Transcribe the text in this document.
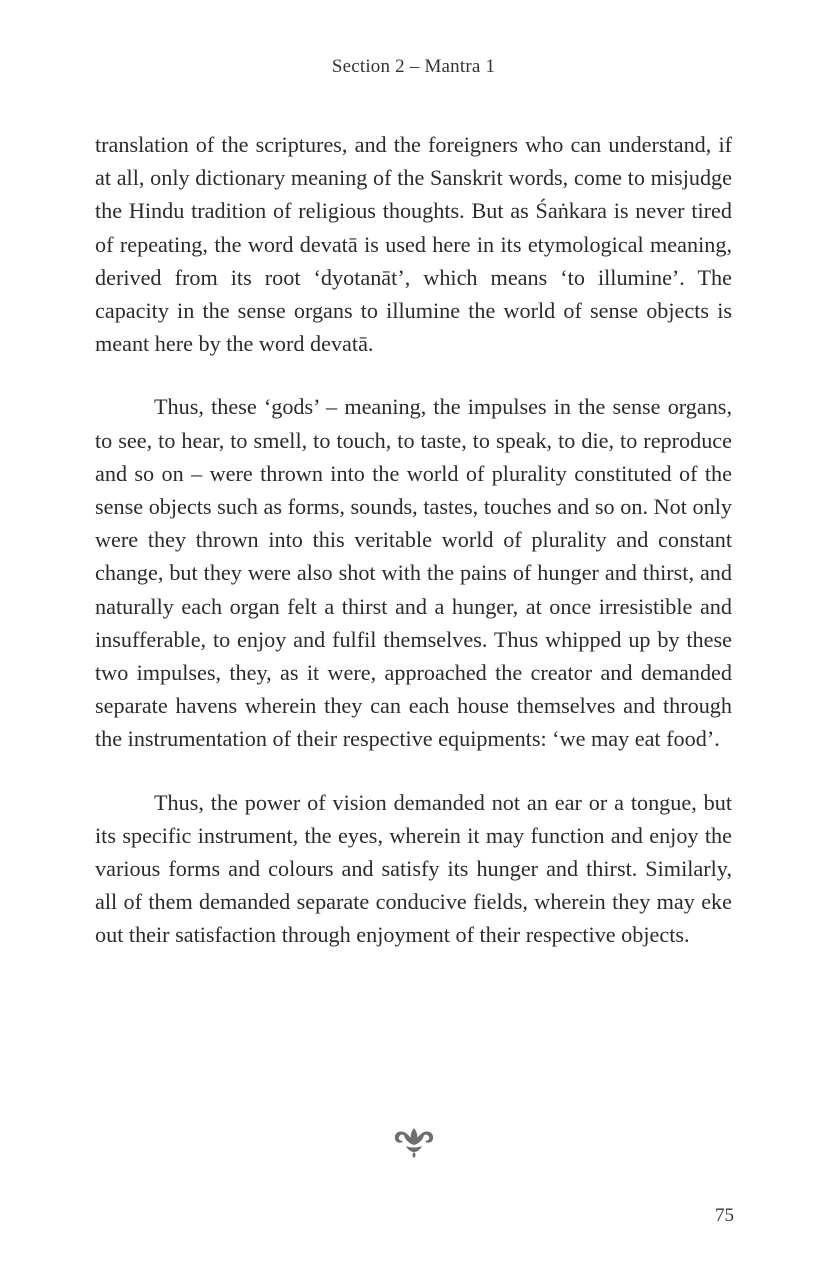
Section 2 – Mantra 1

translation of the scriptures, and the foreigners who can understand, if at all, only dictionary meaning of the Sanskrit words, come to misjudge the Hindu tradition of religious thoughts. But as Śaṅkara is never tired of repeating, the word devatā is used here in its etymological meaning, derived from its root ‘dyotanāt’, which means ‘to illumine’. The capacity in the sense organs to illumine the world of sense objects is meant here by the word devatā.

Thus, these ‘gods’ – meaning, the impulses in the sense organs, to see, to hear, to smell, to touch, to taste, to speak, to die, to reproduce and so on – were thrown into the world of plurality constituted of the sense objects such as forms, sounds, tastes, touches and so on. Not only were they thrown into this veritable world of plurality and constant change, but they were also shot with the pains of hunger and thirst, and naturally each organ felt a thirst and a hunger, at once irresistible and insufferable, to enjoy and fulfil themselves. Thus whipped up by these two impulses, they, as it were, approached the creator and demanded separate havens wherein they can each house themselves and through the instrumentation of their respective equipments: ‘we may eat food’.

Thus, the power of vision demanded not an ear or a tongue, but its specific instrument, the eyes, wherein it may function and enjoy the various forms and colours and satisfy its hunger and thirst. Similarly, all of them demanded separate conducive fields, wherein they may eke out their satisfaction through enjoyment of their respective objects.

75
